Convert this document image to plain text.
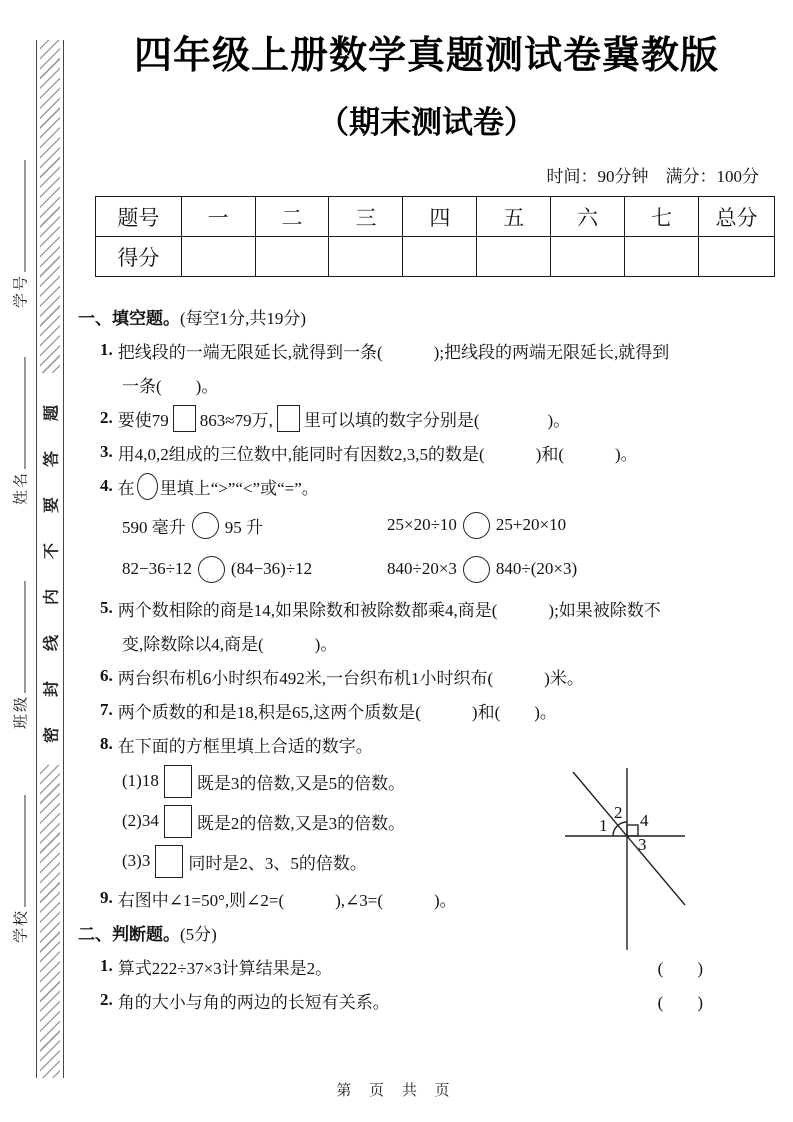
学号
姓名
班级
学校
密封线内不要答题
四年级上册数学真题测试卷冀教版
（期末测试卷）
时间：90分钟　满分：100分
题号	一	二	三	四	五	六	七	总分
得分								
一、填空题。 (每空1分,共19分)
1. 把线段的一端无限延长,就得到一条(　　　);把线段的两端无限延长,就得到
一条(　　)。
2. 要使79 863≈79万, 里可以填的数字分别是(　　　　)。
3. 用4,0,2组成的三位数中,能同时有因数2,3,5的数是(　　　)和(　　　)。
4. 在 里填上“>”“<”或“=”。
590 毫升 95 升	25×20÷10 25+20×10
82−36÷12 (84−36)÷12	840÷20×3 840÷(20×3)
5. 两个数相除的商是14,如果除数和被除数都乘4,商是(　　　);如果被除数不
变,除数除以4,商是(　　　)。
6. 两台织布机6小时织布492米,一台织布机1小时织布(　　　)米。
7. 两个质数的和是18,积是65,这两个质数是(　　　)和(　　)。
8. 在下面的方框里填上合适的数字。
(1) 18 既是3的倍数,又是5的倍数。
(2) 34 既是2的倍数,又是3的倍数。
(3) 3 同时是2、3、5的倍数。
9. 右图中∠1=50°,则∠2=(　　　),∠3=(　　　)。
二、判断题。 (5分)
1. 算式222÷37×3计算结果是2。	(　　)
2. 角的大小与角的两边的长短有关系。	(　　)
1
2
3
4
第 页 共 页
